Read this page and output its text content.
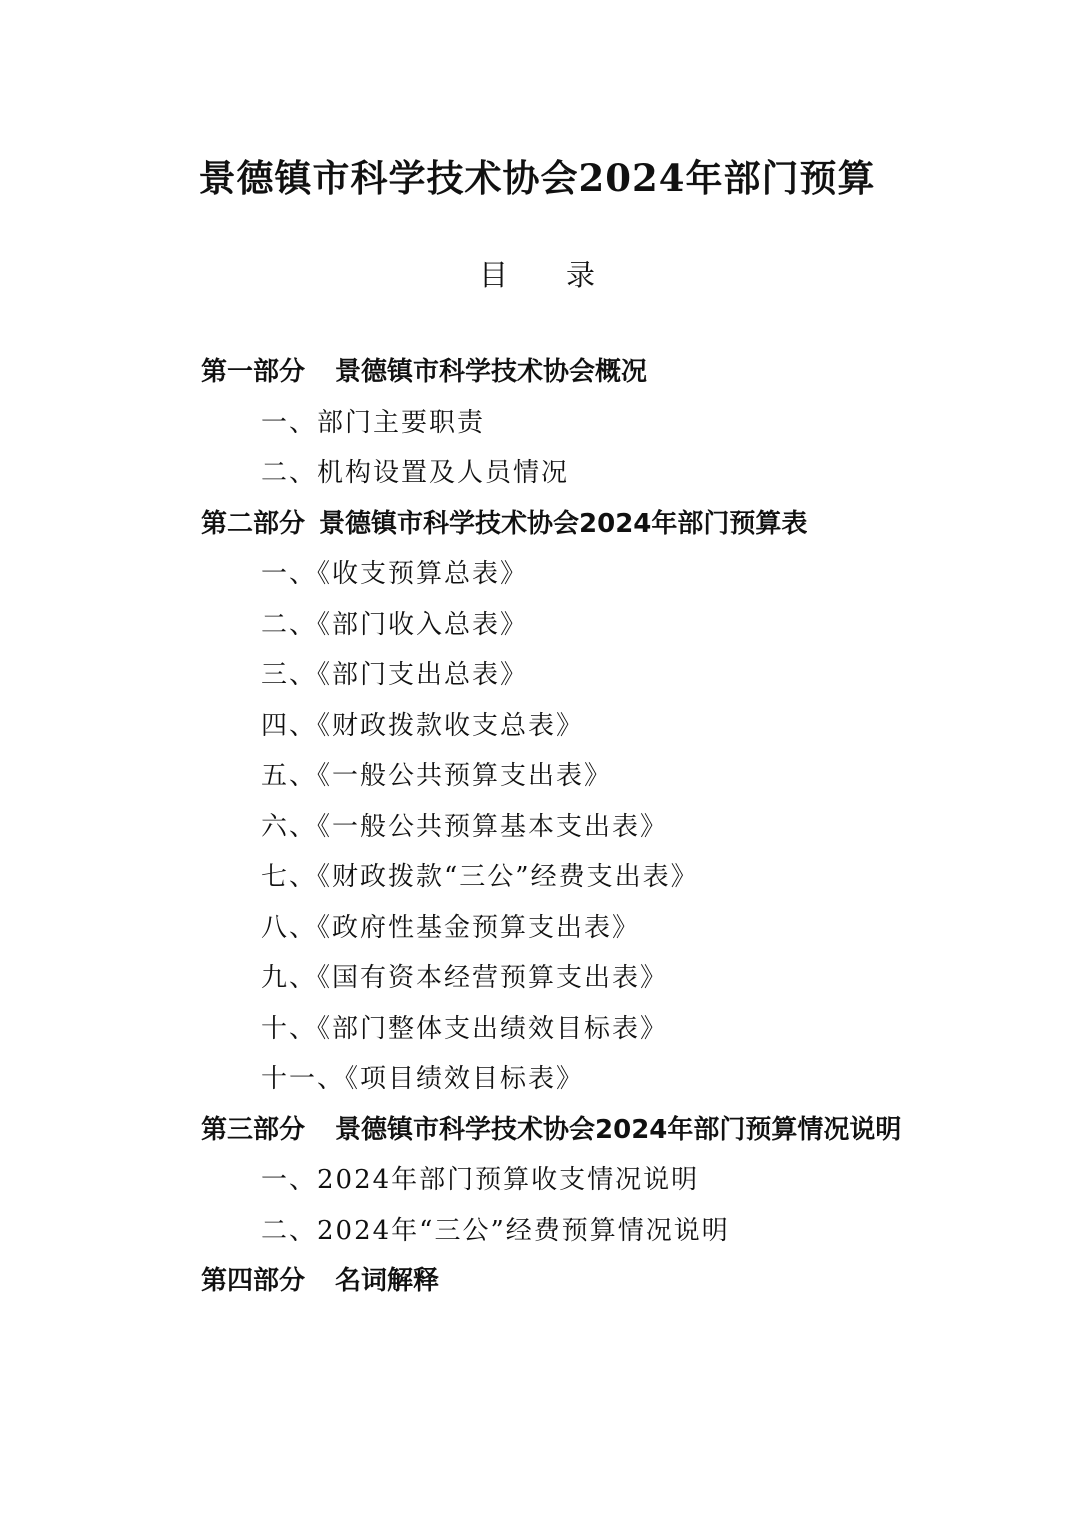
景德镇市科学技术协会2024年部门预算
目 录
第一部分 景德镇市科学技术协会概况
一、部门主要职责
二、机构设置及人员情况
第二部分 景德镇市科学技术协会2024年部门预算表
一、《收支预算总表》
二、《部门收入总表》
三、《部门支出总表》
四、《财政拨款收支总表》
五、《一般公共预算支出表》
六、《一般公共预算基本支出表》
七、《财政拨款“三公”经费支出表》
八、《政府性基金预算支出表》
九、《国有资本经营预算支出表》
十、《部门整体支出绩效目标表》
十一、《项目绩效目标表》
第三部分 景德镇市科学技术协会2024年部门预算情况说明
一、2024年部门预算收支情况说明
二、2024年“三公”经费预算情况说明
第四部分 名词解释
